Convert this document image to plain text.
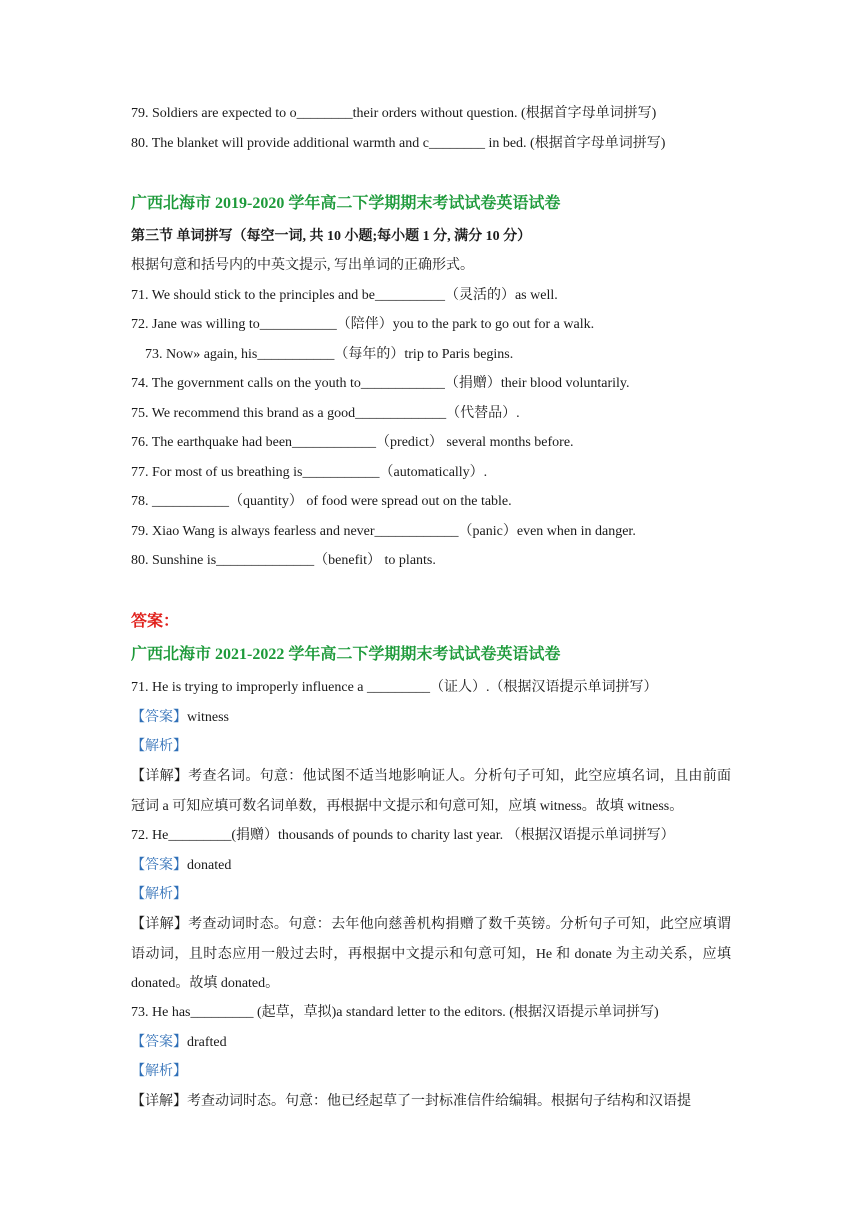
79. Soldiers are expected to o________their orders without question. (根据首字母单词拼写)
80. The blanket will provide additional warmth and c________ in bed. (根据首字母单词拼写)
广西北海市 2019-2020 学年高二下学期期末考试试卷英语试卷
第三节 单词拼写（每空一词, 共 10 小题;每小题 1 分, 满分 10 分）
根据句意和括号内的中英文提示, 写出单词的正确形式。
71. We should stick to the principles and be__________（灵活的）as well.
72. Jane was willing to___________（陪伴）you to the park to go out for a walk.
73. Now» again, his___________（每年的）trip to Paris begins.
74. The government calls on the youth to____________（捐赠）their blood voluntarily.
75. We recommend this brand as a good_____________（代替品）.
76. The earthquake had been____________（predict） several months before.
77. For most of us breathing is___________（automatically）.
78. ___________（quantity） of food were spread out on the table.
79. Xiao Wang is always fearless and never____________（panic）even when in danger.
80. Sunshine is______________（benefit） to plants.
答案：
广西北海市 2021-2022 学年高二下学期期末考试试卷英语试卷
71. He is trying to improperly influence a _________（证人）.（根据汉语提示单词拼写）
【答案】witness
【解析】
【详解】考查名词。句意：他试图不适当地影响证人。分析句子可知，此空应填名词，且由前面冠词 a 可知应填可数名词单数，再根据中文提示和句意可知，应填 witness。故填 witness。
72. He_________(捐赠）thousands of pounds to charity last year. （根据汉语提示单词拼写）
【答案】donated
【解析】
【详解】考查动词时态。句意：去年他向慈善机构捐赠了数千英镑。分析句子可知，此空应填谓语动词，且时态应用一般过去时，再根据中文提示和句意可知，He 和 donate 为主动关系，应填 donated。故填 donated。
73. He has_________ (起草，草拟)a standard letter to the editors. (根据汉语提示单词拼写)
【答案】drafted
【解析】
【详解】考查动词时态。句意：他已经起草了一封标准信件给编辑。根据句子结构和汉语提
